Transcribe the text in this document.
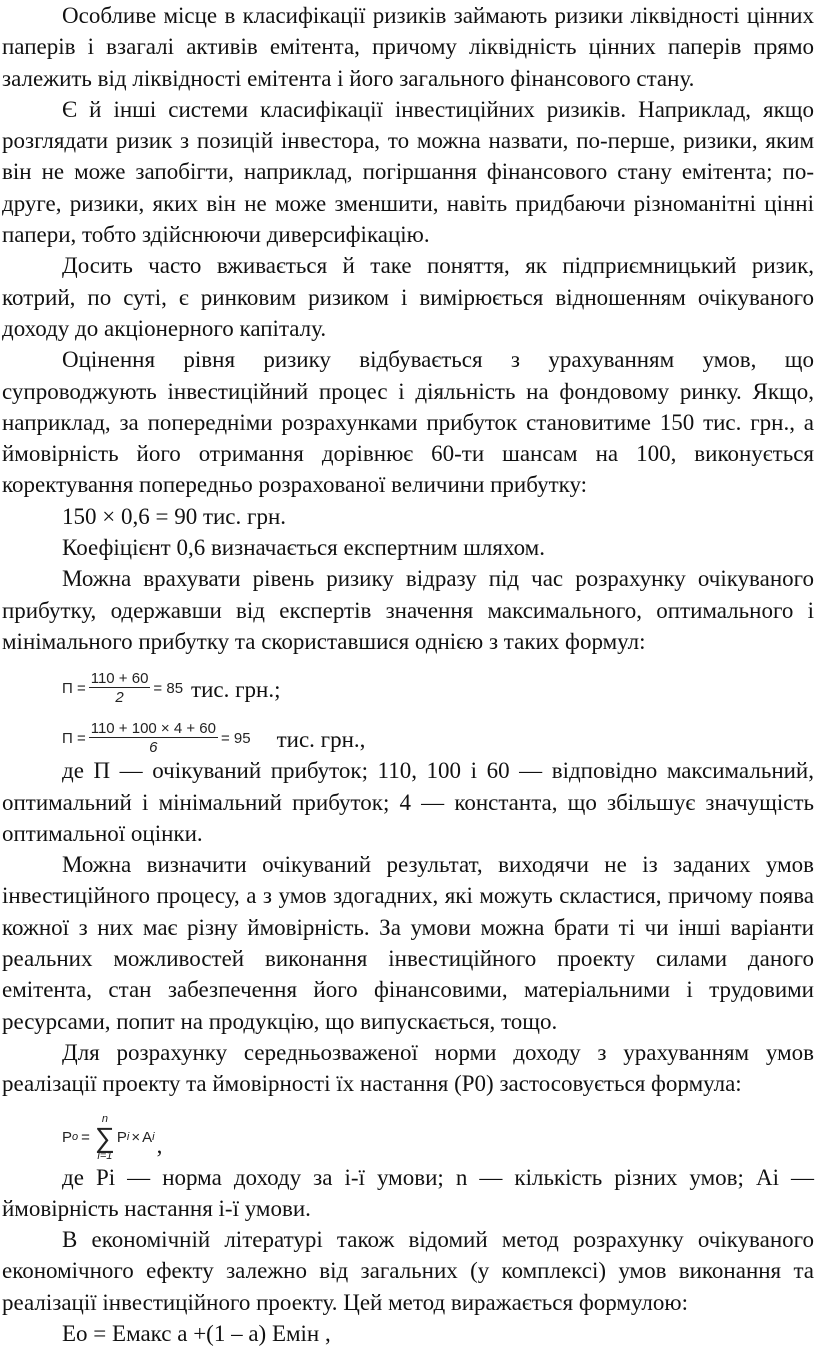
Особливе місце в класифікації ризиків займають ризики ліквідності цінних паперів і взагалі активів емітента, причому ліквідність цінних паперів прямо залежить від ліквідності емітента і його загального фінансового стану.

Є й інші системи класифікації інвестиційних ризиків. Наприклад, якщо розглядати ризик з позицій інвестора, то можна назвати, по-перше, ризики, яким він не може запобігти, наприклад, погіршання фінансового стану емітента; по-друге, ризики, яких він не може зменшити, навіть придбаючи різноманітні цінні папери, тобто здійснюючи диверсифікацію.

Досить часто вживається й таке поняття, як підприємницький ризик, котрий, по суті, є ринковим ризиком і вимірюється відношенням очікуваного доходу до акціонерного капіталу.

Оцінення рівня ризику відбувається з урахуванням умов, що супроводжують інвестиційний процес і діяльність на фондовому ринку. Якщо, наприклад, за попередніми розрахунками прибуток становитиме 150 тис. грн., а ймовірність його отримання дорівнює 60-ти шансам на 100, виконується коректування попередньо розрахованої величини прибутку:

150 × 0,6 = 90 тис. грн.

Коефіцієнт 0,6 визначається експертним шляхом.

Можна врахувати рівень ризику відразу під час розрахунку очікуваного прибутку, одержавши від експертів значення максимального, оптимального і мінімального прибутку та скориставшися однією з таких формул:

$П = \frac{110 + 60}{2} = 85$ тис. грн.;
$П = \frac{110 + 100 \times 4 + 60}{6} = 95$ тис. грн.,

де П — очікуваний прибуток; 110, 100 і 60 — відповідно максимальний, оптимальний і мінімальний прибуток; 4 — константа, що збільшує значущість оптимальної оцінки.

Можна визначити очікуваний результат, виходячи не із заданих умов інвестиційного процесу, а з умов здогадних, які можуть скластися, причому поява кожної з них має різну ймовірність. За умови можна брати ті чи інші варіанти реальних можливостей виконання інвестиційного проекту силами даного емітента, стан забезпечення його фінансовими, матеріальними і трудовими ресурсами, попит на продукцію, що випускається, тощо.

Для розрахунку середньозваженої норми доходу з урахуванням умов реалізації проекту та ймовірності їх настання (Р0) застосовується формула:

P o =
n
∑
i=1
P i × A i ,

де Рі — норма доходу за і-ї умови; n — кількість різних умов; Аі — ймовірність настання і-ї умови.

В економічній літературі також відомий метод розрахунку очікуваного економічного ефекту залежно від загальних (у комплексі) умов виконання та реалізації інвестиційного проекту. Цей метод виражається формулою:

Ео = Емакс а +(1 – а) Емін ,
